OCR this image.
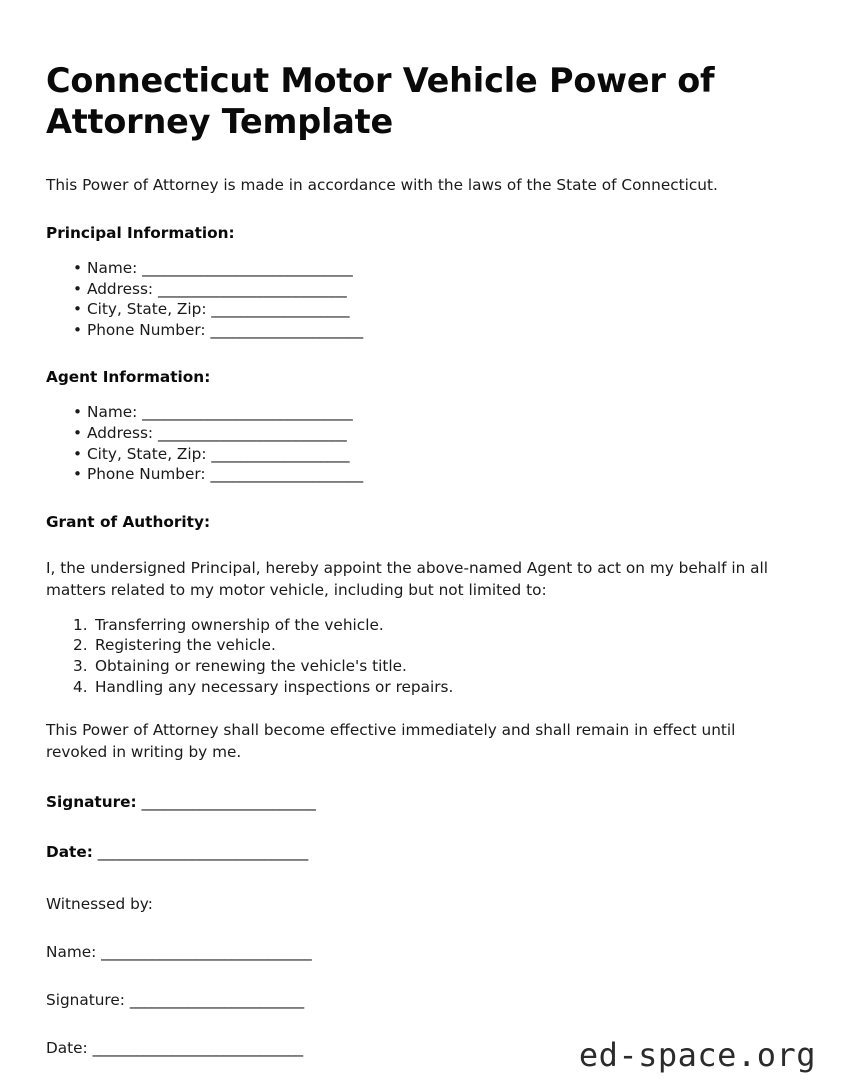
Connecticut Motor Vehicle Power of Attorney Template

This Power of Attorney is made in accordance with the laws of the State of Connecticut.

Principal Information:
• Name: _____________________________
• Address: __________________________
• City, State, Zip: ___________________
• Phone Number: _____________________
Agent Information:
• Name: _____________________________
• Address: __________________________
• City, State, Zip: ___________________
• Phone Number: _____________________
Grant of Authority:

I, the undersigned Principal, hereby appoint the above-named Agent to act on my behalf in all matters related to my motor vehicle, including but not limited to:

Transferring ownership of the vehicle.
Registering the vehicle.
Obtaining or renewing the vehicle's title.
Handling any necessary inspections or repairs.

This Power of Attorney shall become effective immediately and shall remain in effect until revoked in writing by me.

Signature: ________________________

Date: _____________________________

Witnessed by:

Name: _____________________________

Signature: ________________________

Date: _____________________________	ed-space.org
